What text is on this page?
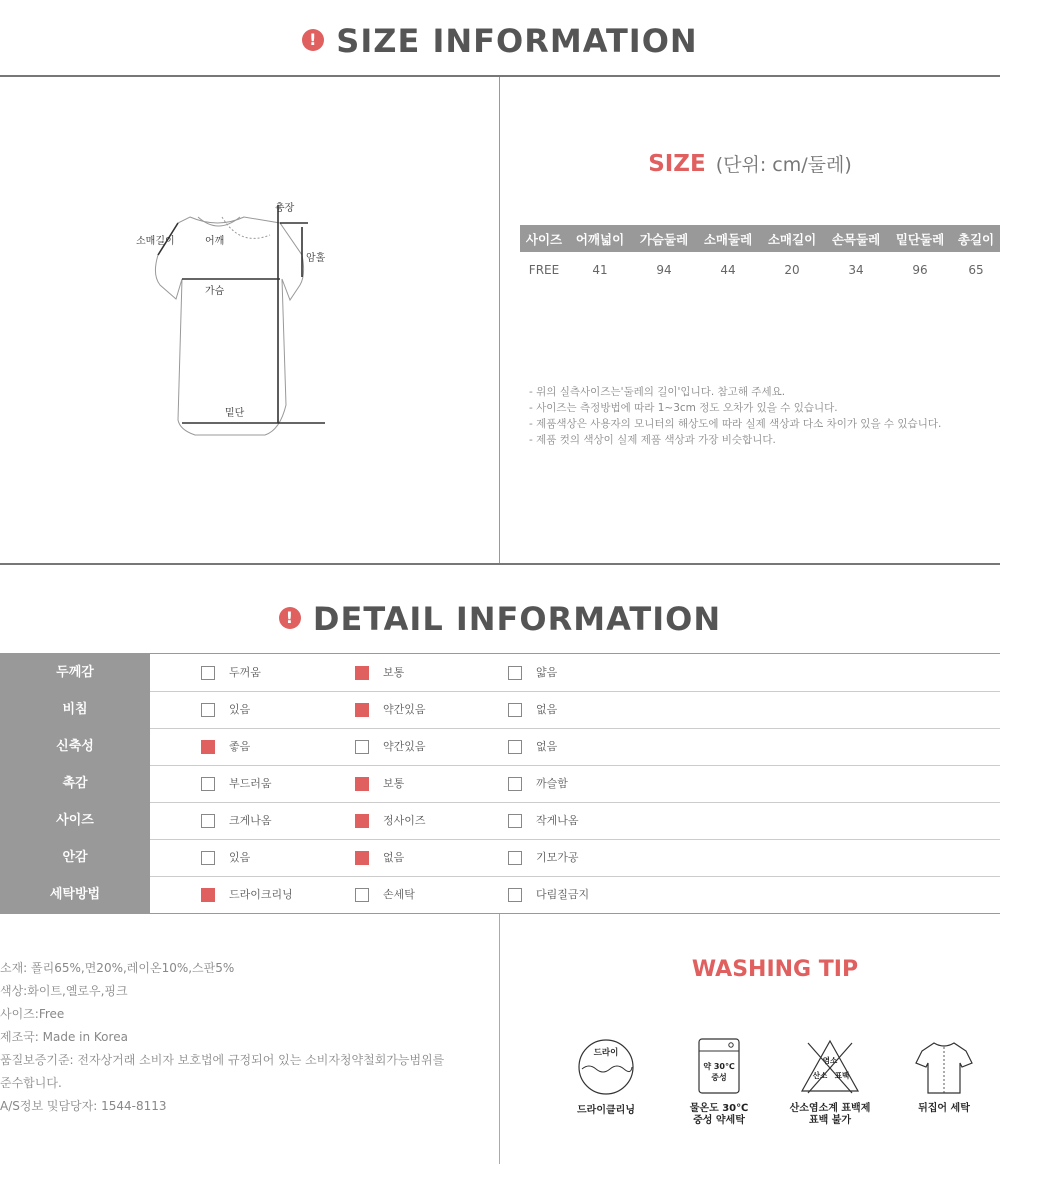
! SIZE INFORMATION
총장
소매길이	어깨
암홀
가슴
밑단
SIZE (단위: cm/둘레)
사이즈	어깨넓이	가슴둘레	소매둘레	소매길이	손목둘레	밑단둘레	총길이
FREE	41	94	44	20	34	96	65
- 위의 실측사이즈는'둘레의 길이'입니다. 참고해 주세요.
- 사이즈는 측정방법에 따라 1~3cm 정도 오차가 있을 수 있습니다.
- 제품색상은 사용자의 모니터의 해상도에 따라 실제 색상과 다소 차이가 있을 수 있습니다.
- 제품 컷의 색상이 실제 제품 색상과 가장 비슷합니다.
! DETAIL INFORMATION
두께감	두꺼움	보통	얇음
비침	있음	약간있음	없음
신축성	좋음	약간있음	없음
촉감	부드러움	보통	까슬함
사이즈	크게나옴	정사이즈	작게나옴
안감	있음	없음	기모가공
세탁방법	드라이크리닝	손세탁	다림질금지
소재: 폴리65%,면20%,레이온10%,스판5%
색상:화이트,옐로우,핑크
사이즈:Free
제조국: Made in Korea
품질보증기준: 전자상거래 소비자 보호법에 규정되어 있는 소비자청약철회가능범위를
준수합니다.
A/S정보 및담당자: 1544-8113
WASHING TIP
드라이
드라이클리닝
약 30℃
중성
물온도 30℃
중성 약세탁
염소
산소 표백
산소염소계 표백제
표백 불가
뒤집어 세탁
